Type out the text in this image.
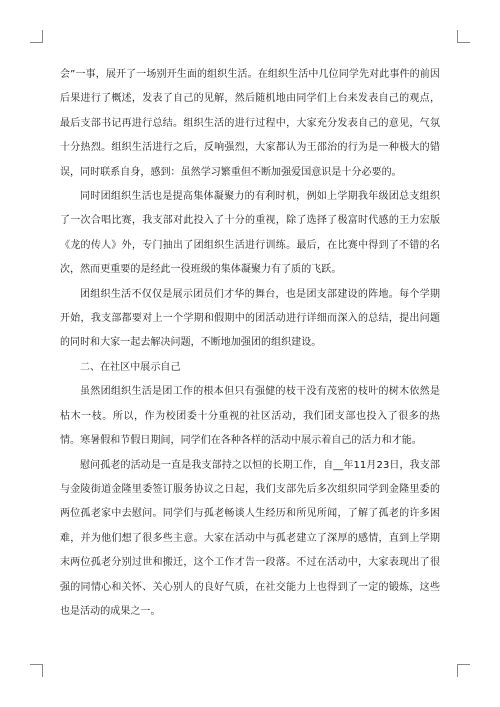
会”一事，展开了一场别开生面的组织生活。在组织生活中几位同学先对此事件的前因后果进行了概述，发表了自己的见解，然后随机地由同学们上台来发表自己的观点，最后支部书记再进行总结。组织生活的进行过程中，大家充分发表自己的意见，气氛十分热烈。组织生活进行之后，反响强烈，大家都认为王邵治的行为是一种极大的错误，同时联系自身，感到：虽然学习繁重但不断加强爱国意识是十分必要的。

同时团组织生活也是提高集体凝聚力的有利时机，例如上学期我年级团总支组织了一次合唱比赛，我支部对此投入了十分的重视，除了选择了极富时代感的王力宏版《龙的传人》外，专门抽出了团组织生活进行训练。最后，在比赛中得到了不错的名次，然而更重要的是经此一役班级的集体凝聚力有了质的飞跃。

团组织生活不仅仅是展示团员们才华的舞台，也是团支部建设的阵地。每个学期开始，我支部都要对上一个学期和假期中的团活动进行详细而深入的总结，提出问题的同时和大家一起去解决问题，不断地加强团的组织建设。

二、在社区中展示自己

虽然团组织生活是团工作的根本但只有强健的枝干没有茂密的枝叶的树木依然是枯木一枝。所以，作为校团委十分重视的社区活动，我们团支部也投入了很多的热情。寒暑假和节假日期间，同学们在各种各样的活动中展示着自己的活力和才能。

慰问孤老的活动是一直是我支部持之以恒的长期工作，自__年11月23日，我支部与金陵街道金隆里委签订服务协议之日起，我们支部先后多次组织同学到金隆里委的两位孤老家中去慰问。同学们与孤老畅谈人生经历和所见所闻，了解了孤老的许多困难，并为他们想了很多些主意。大家在活动中与孤老建立了深厚的感情，直到上学期末两位孤老分别过世和搬迁，这个工作才告一段落。不过在活动中，大家表现出了很强的同情心和关怀、关心别人的良好气质，在社交能力上也得到了一定的锻炼，这些也是活动的成果之一。
